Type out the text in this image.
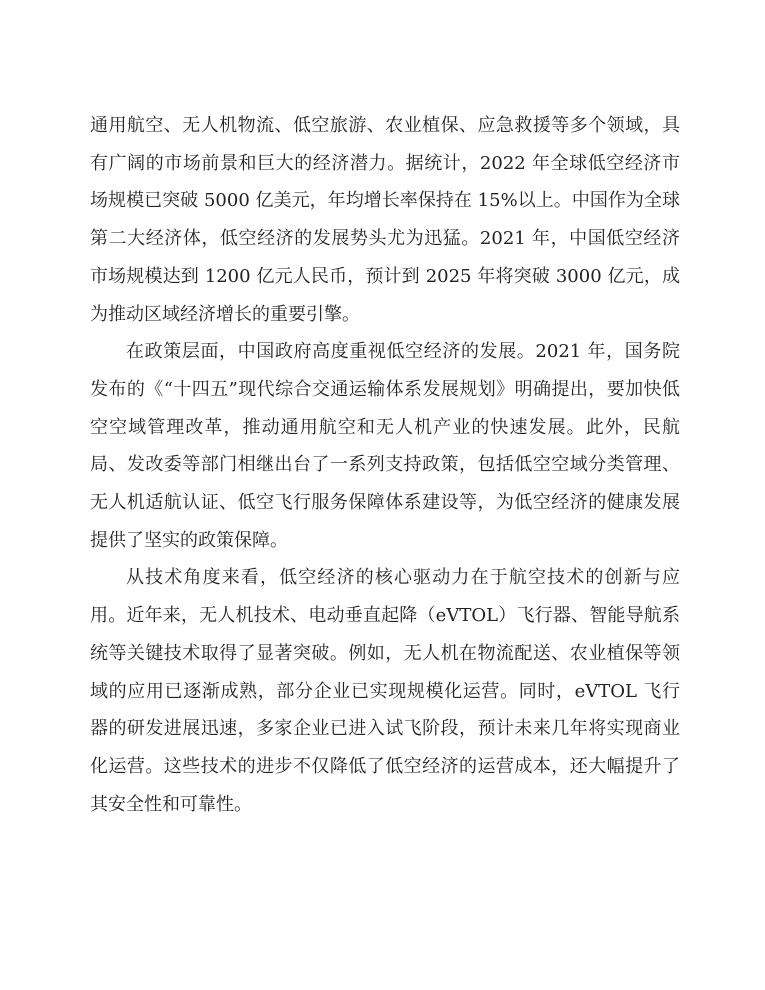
通用航空、无人机物流、低空旅游、农业植保、应急救援等多个领域，具有广阔的市场前景和巨大的经济潜力。据统计，2022 年全球低空经济市场规模已突破 5000 亿美元，年均增长率保持在 15%以上。中国作为全球第二大经济体，低空经济的发展势头尤为迅猛。2021 年，中国低空经济市场规模达到 1200 亿元人民币，预计到 2025 年将突破 3000 亿元，成为推动区域经济增长的重要引擎。

在政策层面，中国政府高度重视低空经济的发展。2021 年，国务院发布的《“十四五”现代综合交通运输体系发展规划》明确提出，要加快低空空域管理改革，推动通用航空和无人机产业的快速发展。此外，民航局、发改委等部门相继出台了一系列支持政策，包括低空空域分类管理、无人机适航认证、低空飞行服务保障体系建设等，为低空经济的健康发展提供了坚实的政策保障。

从技术角度来看，低空经济的核心驱动力在于航空技术的创新与应用。近年来，无人机技术、电动垂直起降（eVTOL）飞行器、智能导航系统等关键技术取得了显著突破。例如，无人机在物流配送、农业植保等领域的应用已逐渐成熟，部分企业已实现规模化运营。同时，eVTOL 飞行器的研发进展迅速，多家企业已进入试飞阶段，预计未来几年将实现商业化运营。这些技术的进步不仅降低了低空经济的运营成本，还大幅提升了其安全性和可靠性。
